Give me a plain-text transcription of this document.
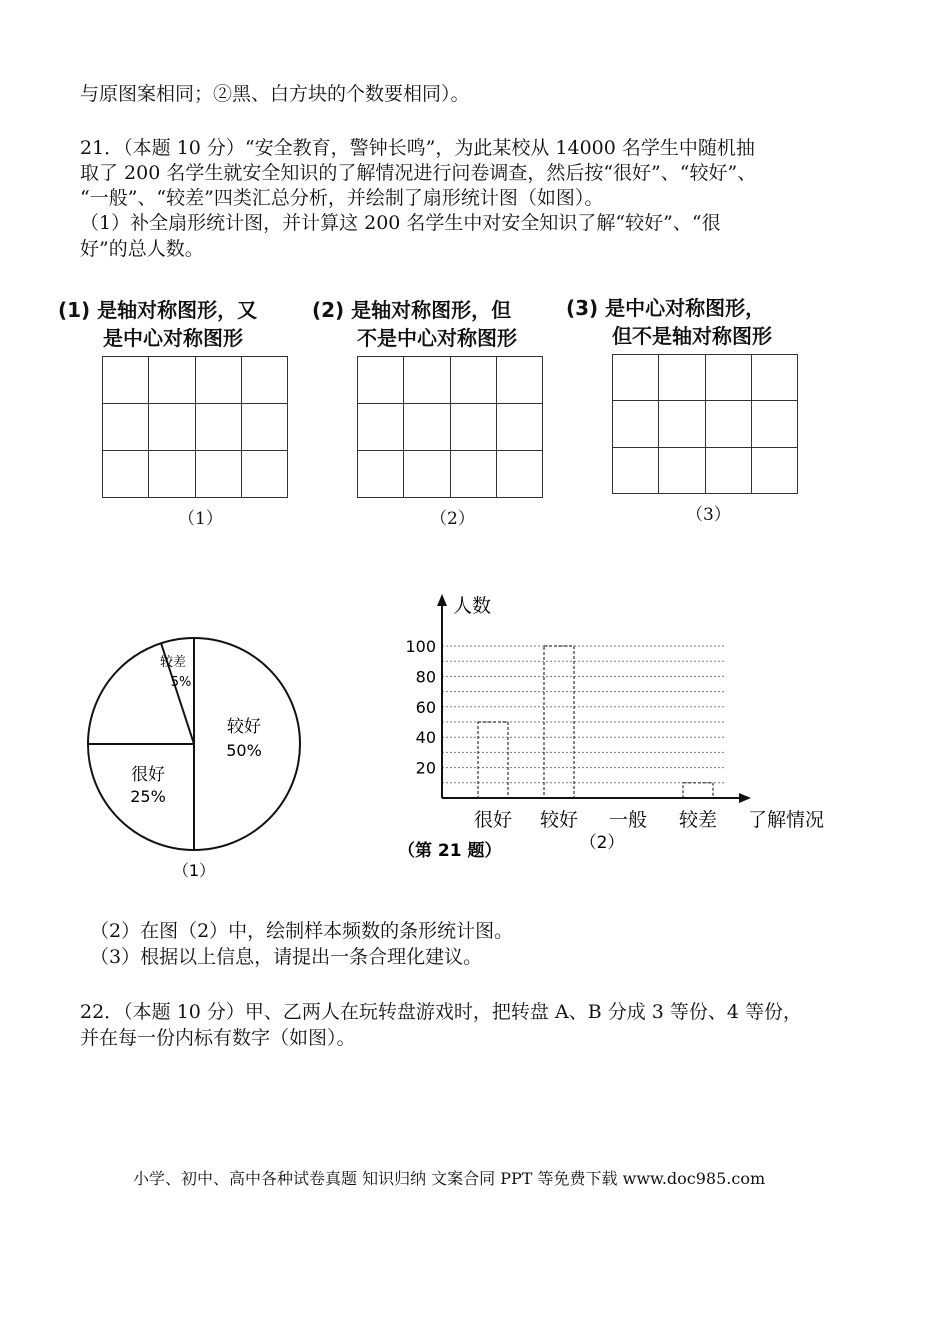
与原图案相同；②黑、白方块的个数要相同）。
21．（本题 10 分）“安全教育，警钟长鸣”，为此某校从 14000 名学生中随机抽
取了 200 名学生就安全知识的了解情况进行问卷调查，然后按“很好”、“较好”、
“一般”、“较差”四类汇总分析，并绘制了扇形统计图（如图）。
（1）补全扇形统计图，并计算这 200 名学生中对安全知识了解“较好”、“很
好”的总人数。
(1) 是轴对称图形，又
是中心对称图形

（1）
(2) 是轴对称图形，但
不是中心对称图形

（2）
(3) 是中心对称图形，
但不是轴对称图形

（3）
较好
50%
很好
25%
较差
5%
（1）
20
40
60
80
100
很好 较好 一般 较差
人数
了解情况
（第 21 题）	（2）
（2）在图（2）中，绘制样本频数的条形统计图。
（3）根据以上信息，请提出一条合理化建议。
22．（本题 10 分）甲、乙两人在玩转盘游戏时，把转盘 A、B 分成 3 等份、4 等份，
并在每一份内标有数字（如图）。
小学、初中、高中各种试卷真题 知识归纳 文案合同 PPT 等免费下载 www.doc985.com
